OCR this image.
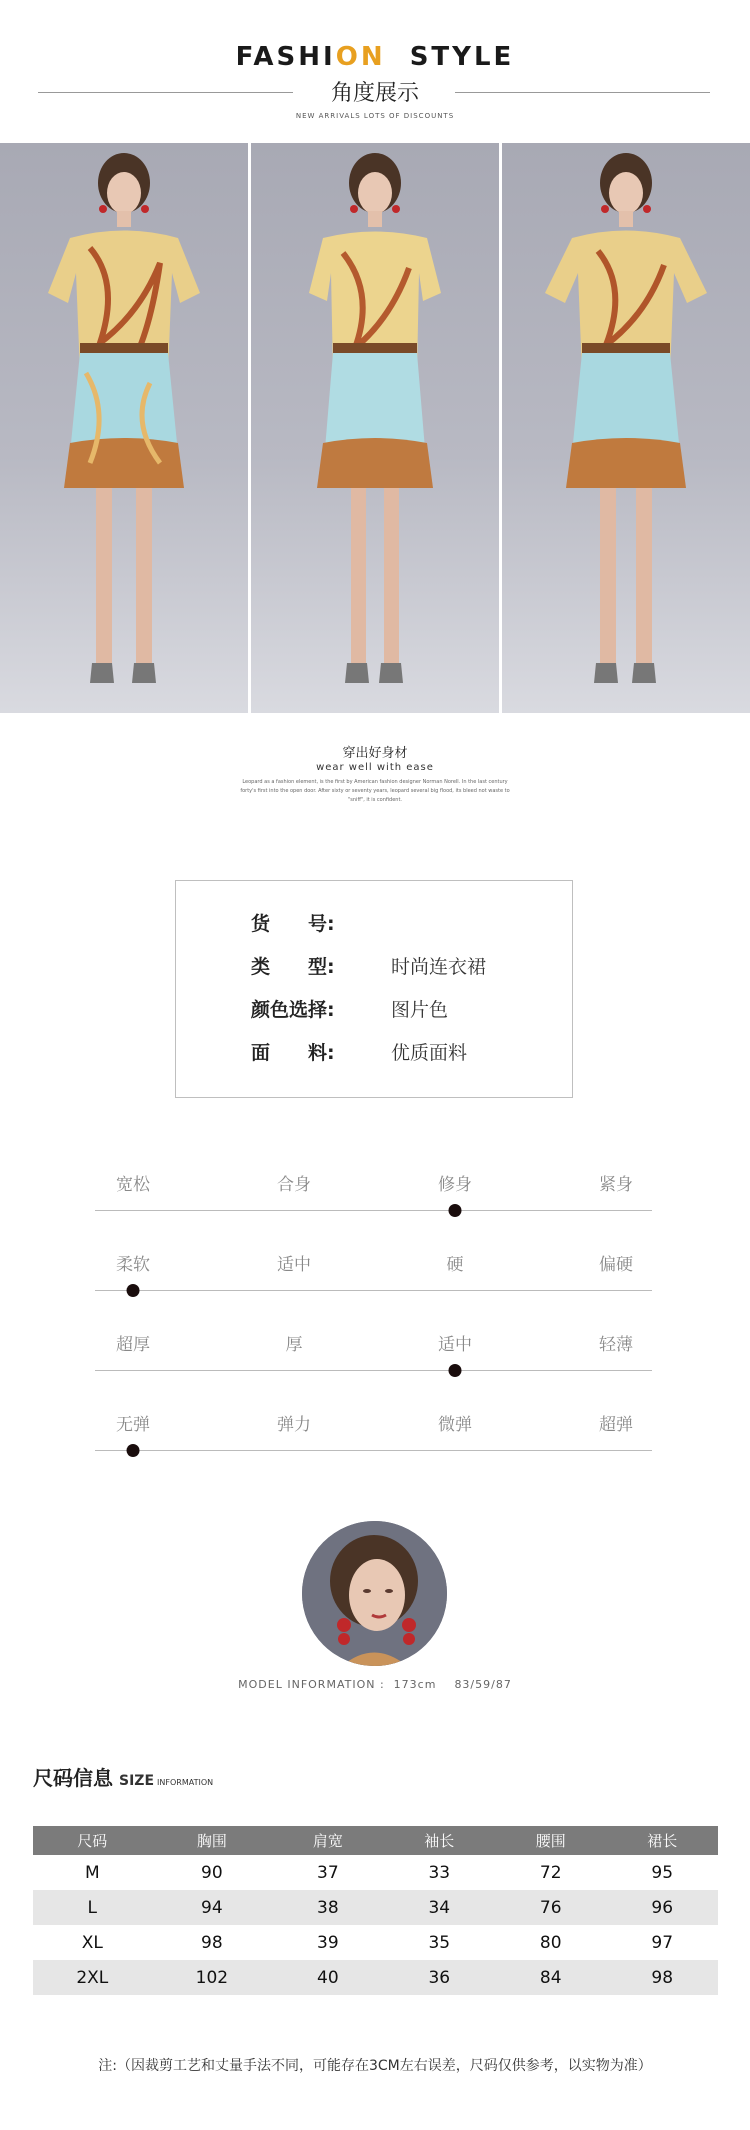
FASHION STYLE
角度展示
NEW ARRIVALS LOTS OF DISCOUNTS
穿出好身材
wear well with ease
Leopard as a fashion element, is the first by American fashion designer Norman Norell. In the last century forty's first into the open door. After sixty or seventy years, leopard several big flood, its bleed not waste to "sniff", it is confident.
货　　号:
类　　型:	时尚连衣裙
颜色选择:	图片色
面　　料:	优质面料
宽松	合身	修身	紧身
柔软	适中	硬	偏硬
超厚	厚	适中	轻薄
无弹	弹力	微弹	超弹
MODEL INFORMATION : 173cm 83/59/87
尺码信息 SIZE INFORMATION
尺码	胸围	肩宽	袖长	腰围	裙长
M	90	37	33	72	95
L	94	38	34	76	96
XL	98	39	35	80	97
2XL	102	40	36	84	98
注:（因裁剪工艺和丈量手法不同，可能存在3CM左右误差，尺码仅供参考，以实物为准）
